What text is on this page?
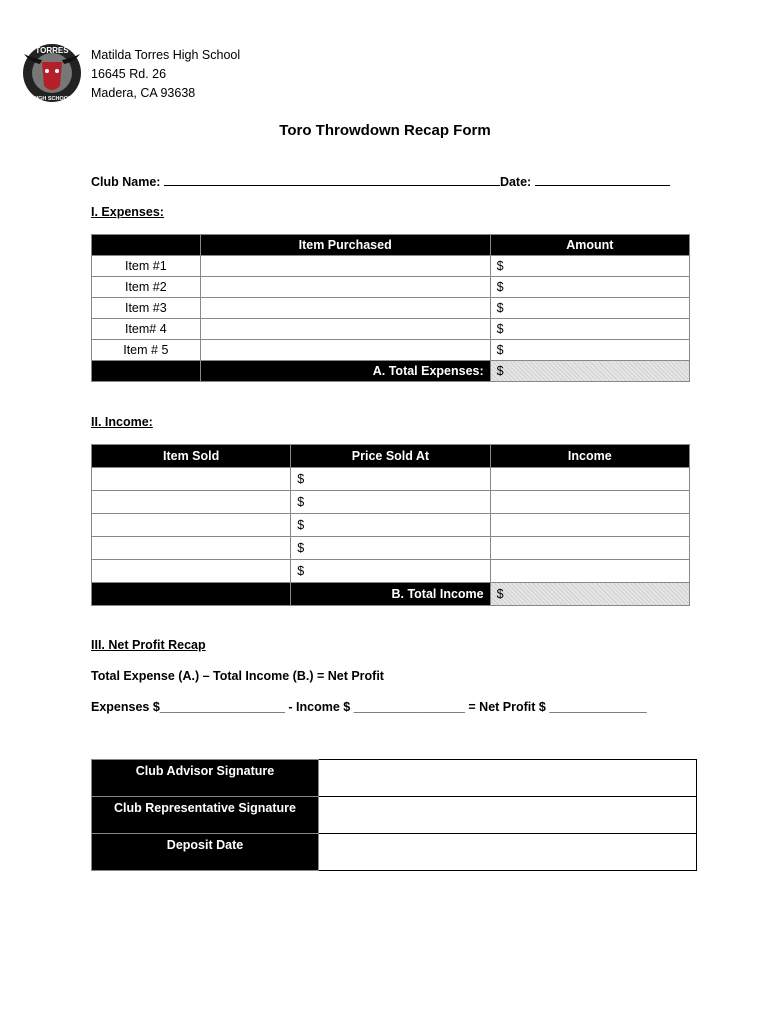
TORRES
HIGH SCHOOL
Matilda Torres High School
16645 Rd. 26
Madera, CA 93638
Toro Throwdown Recap Form
Club Name:	Date:
I. Expenses:
	Item Purchased	Amount
Item #1		$
Item #2		$
Item #3		$
Item# 4		$
Item # 5		$
	A. Total Expenses:	$
II. Income:
Item Sold	Price Sold At	Income
	$	
	$	
	$	
	$	
	$	
	B. Total Income	$
III. Net Profit Recap
Total Expense (A.) – Total Income (B.) = Net Profit
Expenses $__________________ - Income $ ________________ = Net Profit $ ______________
Club Advisor Signature	
Club Representative Signature	
Deposit Date	
